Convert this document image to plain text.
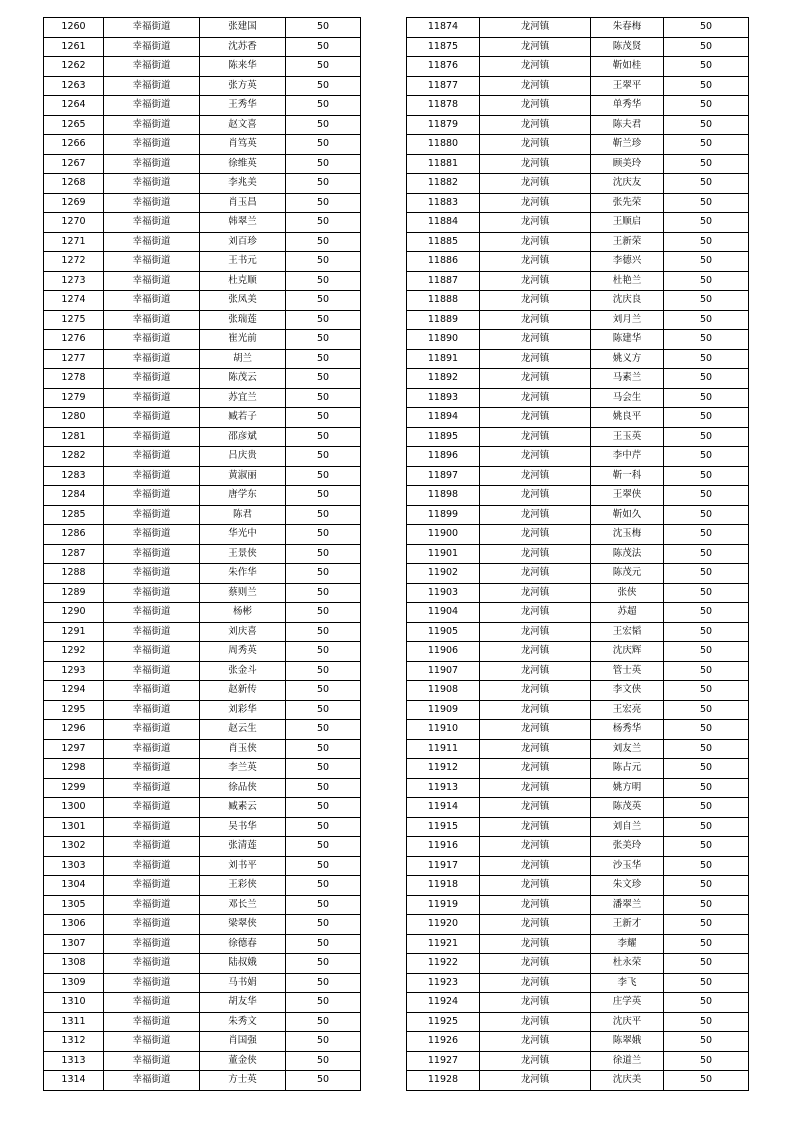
1260	幸福街道	张建国	50
1261	幸福街道	沈苏香	50
1262	幸福街道	陈来华	50
1263	幸福街道	张方英	50
1264	幸福街道	王秀华	50
1265	幸福街道	赵文喜	50
1266	幸福街道	肖笃英	50
1267	幸福街道	徐维英	50
1268	幸福街道	李兆美	50
1269	幸福街道	肖玉昌	50
1270	幸福街道	韩翠兰	50
1271	幸福街道	刘百珍	50
1272	幸福街道	王书元	50
1273	幸福街道	杜克顺	50
1274	幸福街道	张凤美	50
1275	幸福街道	张瑞莲	50
1276	幸福街道	崔光前	50
1277	幸福街道	胡兰	50
1278	幸福街道	陈茂云	50
1279	幸福街道	苏宜兰	50
1280	幸福街道	臧若子	50
1281	幸福街道	邵彦斌	50
1282	幸福街道	吕庆贵	50
1283	幸福街道	黄淑丽	50
1284	幸福街道	唐学东	50
1285	幸福街道	陈君	50
1286	幸福街道	华光中	50
1287	幸福街道	王景侠	50
1288	幸福街道	朱作华	50
1289	幸福街道	蔡则兰	50
1290	幸福街道	杨彬	50
1291	幸福街道	刘庆喜	50
1292	幸福街道	周秀英	50
1293	幸福街道	张金斗	50
1294	幸福街道	赵新传	50
1295	幸福街道	刘彩华	50
1296	幸福街道	赵云生	50
1297	幸福街道	肖玉侠	50
1298	幸福街道	李兰英	50
1299	幸福街道	徐品侠	50
1300	幸福街道	臧素云	50
1301	幸福街道	吴书华	50
1302	幸福街道	张清莲	50
1303	幸福街道	刘书平	50
1304	幸福街道	王彩侠	50
1305	幸福街道	邓长兰	50
1306	幸福街道	梁翠侠	50
1307	幸福街道	徐德春	50
1308	幸福街道	陆叔娥	50
1309	幸福街道	马书娟	50
1310	幸福街道	胡友华	50
1311	幸福街道	朱秀文	50
1312	幸福街道	肖国强	50
1313	幸福街道	董金侠	50
1314	幸福街道	方士英	50
11874	龙河镇	朱春梅	50
11875	龙河镇	陈茂贤	50
11876	龙河镇	靳如桂	50
11877	龙河镇	王翠平	50
11878	龙河镇	单秀华	50
11879	龙河镇	陈夫君	50
11880	龙河镇	靳兰珍	50
11881	龙河镇	顾美玲	50
11882	龙河镇	沈庆友	50
11883	龙河镇	张先荣	50
11884	龙河镇	王顺启	50
11885	龙河镇	王新荣	50
11886	龙河镇	李德兴	50
11887	龙河镇	杜艳兰	50
11888	龙河镇	沈庆良	50
11889	龙河镇	刘月兰	50
11890	龙河镇	陈建华	50
11891	龙河镇	姚义方	50
11892	龙河镇	马素兰	50
11893	龙河镇	马会生	50
11894	龙河镇	姚良平	50
11895	龙河镇	王玉英	50
11896	龙河镇	李中芹	50
11897	龙河镇	靳一科	50
11898	龙河镇	王翠侠	50
11899	龙河镇	靳如久	50
11900	龙河镇	沈玉梅	50
11901	龙河镇	陈茂法	50
11902	龙河镇	陈茂元	50
11903	龙河镇	张侠	50
11904	龙河镇	苏超	50
11905	龙河镇	王宏韬	50
11906	龙河镇	沈庆辉	50
11907	龙河镇	管士英	50
11908	龙河镇	李文侠	50
11909	龙河镇	王宏亮	50
11910	龙河镇	杨秀华	50
11911	龙河镇	刘友兰	50
11912	龙河镇	陈占元	50
11913	龙河镇	姚方明	50
11914	龙河镇	陈茂英	50
11915	龙河镇	刘自兰	50
11916	龙河镇	张美玲	50
11917	龙河镇	沙玉华	50
11918	龙河镇	朱文珍	50
11919	龙河镇	潘翠兰	50
11920	龙河镇	王新才	50
11921	龙河镇	李耀	50
11922	龙河镇	杜永荣	50
11923	龙河镇	李飞	50
11924	龙河镇	庄学英	50
11925	龙河镇	沈庆平	50
11926	龙河镇	陈翠娥	50
11927	龙河镇	徐道兰	50
11928	龙河镇	沈庆美	50
